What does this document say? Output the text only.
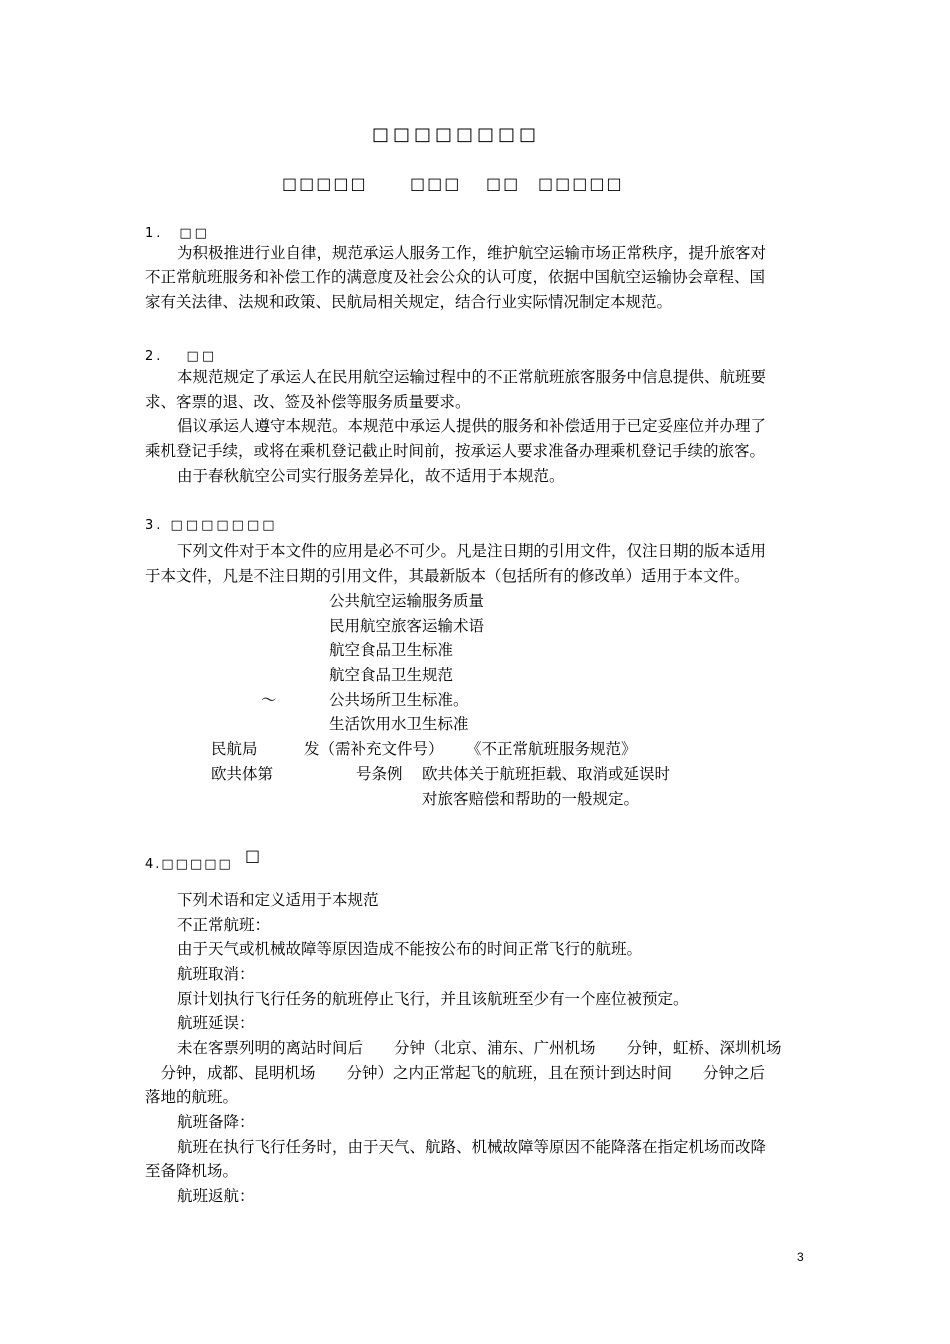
□□□□□□□□
□□□□□	□□□ □□ □□□□□
1.　□□
为积极推进行业自律，规范承运人服务工作，维护航空运输市场正常秩序，提升旅客对
不正常航班服务和补偿工作的满意度及社会公众的认可度，依据中国航空运输协会章程、国
家有关法律、法规和政策、民航局相关规定，结合行业实际情况制定本规范。
2.　 □□
本规范规定了承运人在民用航空运输过程中的不正常航班旅客服务中信息提供、航班要
求、客票的退、改、签及补偿等服务质量要求。
倡议承运人遵守本规范。本规范中承运人提供的服务和补偿适用于已定妥座位并办理了
乘机登记手续，或将在乘机登记截止时间前，按承运人要求准备办理乘机登记手续的旅客。
由于春秋航空公司实行服务差异化，故不适用于本规范。
3. □□□□□□□
下列文件对于本文件的应用是必不可少。凡是注日期的引用文件，仅注日期的版本适用
于本文件，凡是不注日期的引用文件，其最新版本（包括所有的修改单）适用于本文件。
公共航空运输服务质量
民用航空旅客运输术语
航空食品卫生标准
航空食品卫生规范
～	公共场所卫生标准。
生活饮用水卫生标准
民航局	发（需补充文件号） 《不正常航班服务规范》
欧共体第	号条例 欧共体关于航班拒载、取消或延误时
对旅客赔偿和帮助的一般规定。
□
4.□□□□□
下列术语和定义适用于本规范
不正常航班：
由于天气或机械故障等原因造成不能按公布的时间正常飞行的航班。
航班取消：
原计划执行飞行任务的航班停止飞行，并且该航班至少有一个座位被预定。
航班延误：
未在客票列明的离站时间后　　分钟（北京、浦东、广州机场　　分钟，虹桥、深圳机场
　分钟，成都、昆明机场　　分钟）之内正常起飞的航班，且在预计到达时间　　分钟之后
落地的航班。
航班备降：
航班在执行飞行任务时，由于天气、航路、机械故障等原因不能降落在指定机场而改降
至备降机场。
航班返航：
3
